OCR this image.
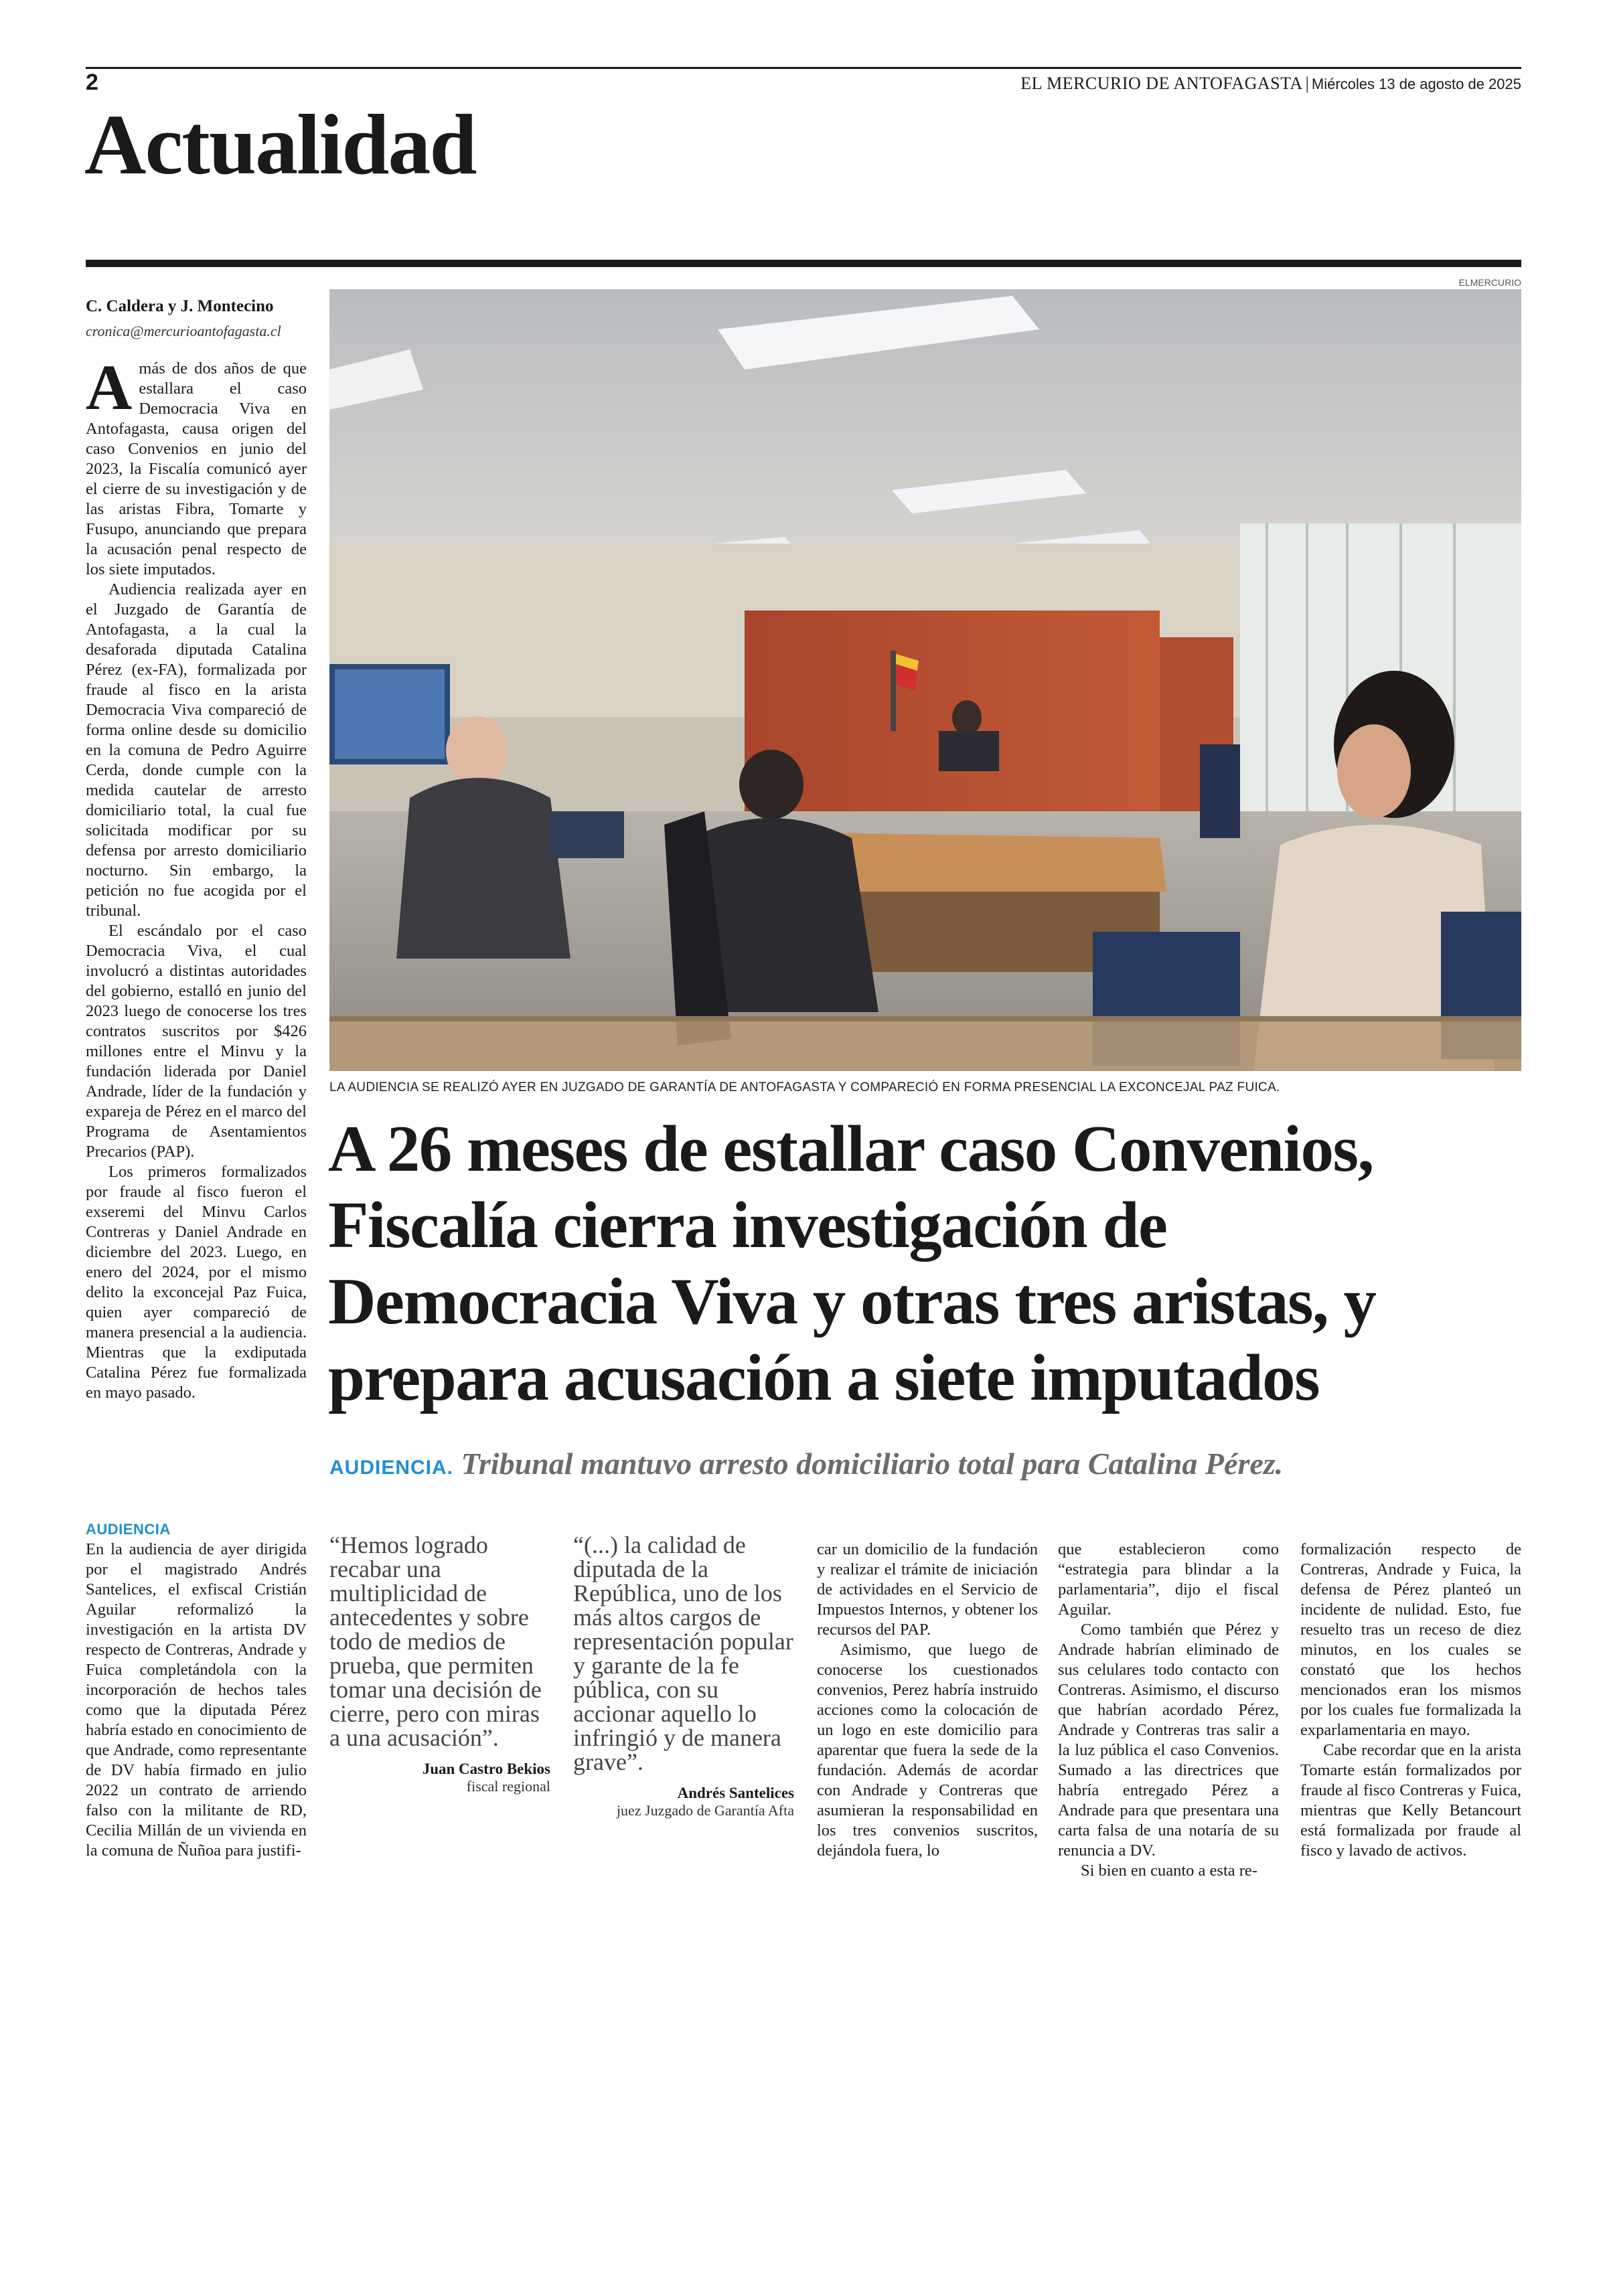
2	EL MERCURIO DE ANTOFAGASTA | Miércoles 13 de agosto de 2025
Actualidad
C. Caldera y J. Montecino
cronica@mercurioantofagasta.cl

Amás de dos años de que estallara el caso Democracia Viva en Antofagasta, causa origen del caso Convenios en junio del 2023, la Fiscalía comunicó ayer el cierre de su investigación y de las aristas Fibra, Tomarte y Fusupo, anunciando que prepara la acusación penal respecto de los siete imputados.

Audiencia realizada ayer en el Juzgado de Garantía de Antofagasta, a la cual la desaforada diputada Catalina Pérez (ex-FA), formalizada por fraude al fisco en la arista Democracia Viva compareció de forma online desde su domicilio en la comuna de Pedro Aguirre Cerda, donde cumple con la medida cautelar de arresto domiciliario total, la cual fue solicitada modificar por su defensa por arresto domiciliario nocturno. Sin embargo, la petición no fue acogida por el tribunal.

El escándalo por el caso Democracia Viva, el cual involucró a distintas autoridades del gobierno, estalló en junio del 2023 luego de conocerse los tres contratos suscritos por $426 millones entre el Minvu y la fundación liderada por Daniel Andrade, líder de la fundación y expareja de Pérez en el marco del Programa de Asentamientos Precarios (PAP).

Los primeros formalizados por fraude al fisco fueron el exseremi del Minvu Carlos Contreras y Daniel Andrade en diciembre del 2023. Luego, en enero del 2024, por el mismo delito la exconcejal Paz Fuica, quien ayer compareció de manera presencial a la audiencia. Mientras que la exdiputada Catalina Pérez fue formalizada en mayo pasado.

ELMERCURIO
LA AUDIENCIA SE REALIZÓ AYER EN JUZGADO DE GARANTÍA DE ANTOFAGASTA Y COMPARECIÓ EN FORMA PRESENCIAL LA EXCONCEJAL PAZ FUICA.
A 26 meses de estallar caso Convenios,
Fiscalía cierra investigación de
Democracia Viva y otras tres aristas, y
prepara acusación a siete imputados
AUDIENCIA. Tribunal mantuvo arresto domiciliario total para Catalina Pérez.
AUDIENCIA

En la audiencia de ayer dirigida por el magistrado Andrés Santelices, el exfiscal Cristián Aguilar reformalizó la investigación en la artista DV respecto de Contreras, Andrade y Fuica completándola con la incorporación de hechos tales como que la diputada Pérez habría estado en conocimiento de que Andrade, como representante de DV había firmado en julio 2022 un contrato de arriendo falso con la militante de RD, Cecilia Millán de un vivienda en la comuna de Ñuñoa para justifi-

“Hemos logrado recabar una multiplicidad de antecedentes y sobre todo de medios de prueba, que permiten tomar una decisión de cierre, pero con miras a una acusación”.
Juan Castro Bekios
fiscal regional
“(...) la calidad de diputada de la República, uno de los más altos cargos de representación popular y garante de la fe pública, con su accionar aquello lo infringió y de manera grave”.
Andrés Santelices
juez Juzgado de Garantía Afta

car un domicilio de la fundación y realizar el trámite de iniciación de actividades en el Servicio de Impuestos Internos, y obtener los recursos del PAP.

Asimismo, que luego de conocerse los cuestionados convenios, Perez habría instruido acciones como la colocación de un logo en este domicilio para aparentar que fuera la sede de la fundación. Además de acordar con Andrade y Contreras que asumieran la responsabilidad en los tres convenios suscritos, dejándola fuera, lo

que establecieron como “estrategia para blindar a la parlamentaria”, dijo el fiscal Aguilar.

Como también que Pérez y Andrade habrían eliminado de sus celulares todo contacto con Contreras. Asimismo, el discurso que habrían acordado Pérez, Andrade y Contreras tras salir a la luz pública el caso Convenios. Sumado a las directrices que habría entregado Pérez a Andrade para que presentara una carta falsa de una notaría de su renuncia a DV.

Si bien en cuanto a esta re-

formalización respecto de Contreras, Andrade y Fuica, la defensa de Pérez planteó un incidente de nulidad. Esto, fue resuelto tras un receso de diez minutos, en los cuales se constató que los hechos mencionados eran los mismos por los cuales fue formalizada la exparlamentaria en mayo.

Cabe recordar que en la arista Tomarte están formalizados por fraude al fisco Contreras y Fuica, mientras que Kelly Betancourt está formalizada por fraude al fisco y lavado de activos.
